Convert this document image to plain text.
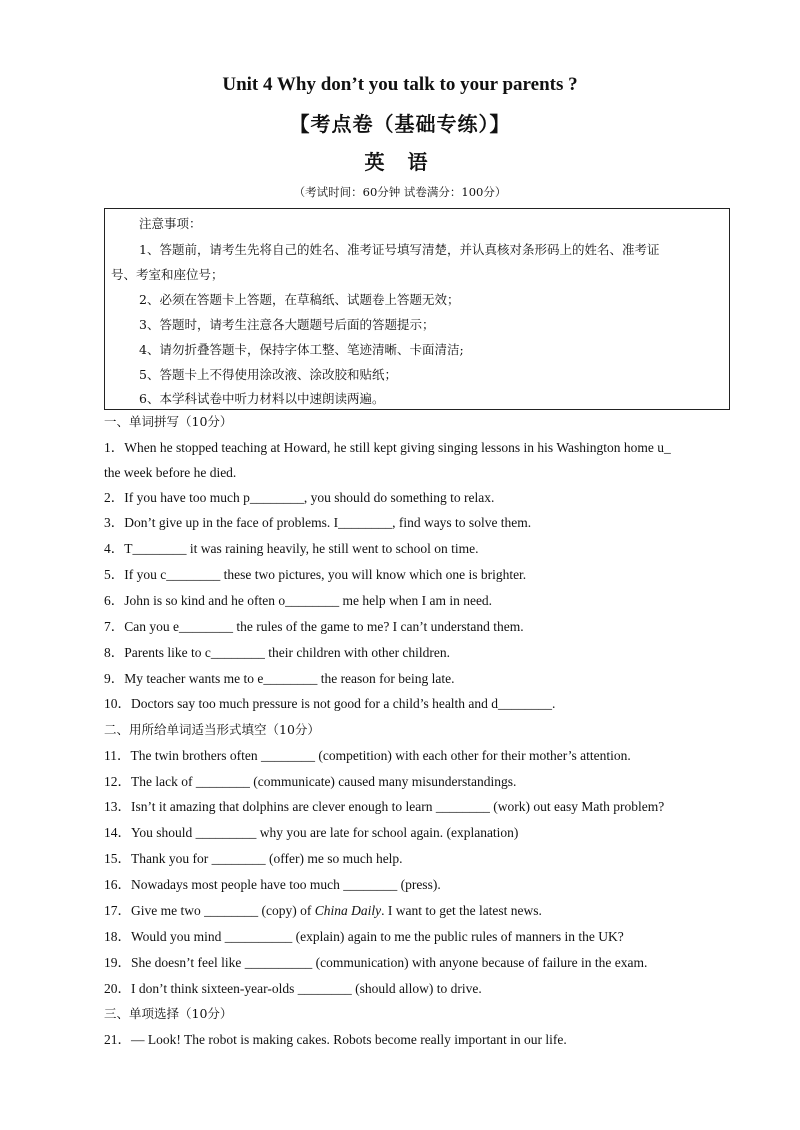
Unit 4 Why don’t you talk to your parents ?
【考点卷（基础专练）】
英 语
（考试时间：60分钟 试卷满分：100分）
注意事项：
1、答题前，请考生先将自己的姓名、准考证号填写清楚，并认真核对条形码上的姓名、准考证
号、考室和座位号；
2、必须在答题卡上答题，在草稿纸、试题卷上答题无效；
3、答题时，请考生注意各大题题号后面的答题提示；
4、请勿折叠答题卡，保持字体工整、笔迹清晰、卡面清洁;
5、答题卡上不得使用涂改液、涂改胶和贴纸；
6、本学科试卷中听力材料以中速朗读两遍。
一、单词拼写（10分）
1．When he stopped teaching at Howard, he still kept giving singing lessons in his Washington home u_
the week before he died.
2．If you have too much p________, you should do something to relax.
3．Don’t give up in the face of problems. I________, find ways to solve them.
4．T________ it was raining heavily, he still went to school on time.
5．If you c________ these two pictures, you will know which one is brighter.
6．John is so kind and he often o________ me help when I am in need.
7．Can you e________ the rules of the game to me? I can’t understand them.
8．Parents like to c________ their children with other children.
9．My teacher wants me to e________ the reason for being late.
10．Doctors say too much pressure is not good for a child’s health and d________.
二、用所给单词适当形式填空（10分）
11．The twin brothers often ________ (competition) with each other for their mother’s attention.
12．The lack of ________ (communicate) caused many misunderstandings.
13．Isn’t it amazing that dolphins are clever enough to learn ________ (work) out easy Math problem?
14．You should _________ why you are late for school again. (explanation)
15．Thank you for ________ (offer) me so much help.
16．Nowadays most people have too much ________ (press).
17．Give me two ________ (copy) of China Daily. I want to get the latest news.
18．Would you mind __________ (explain) again to me the public rules of manners in the UK?
19．She doesn’t feel like __________ (communication) with anyone because of failure in the exam.
20．I don’t think sixteen-year-olds ________ (should allow) to drive.
三、单项选择（10分）
21．— Look! The robot is making cakes. Robots become really important in our life.
